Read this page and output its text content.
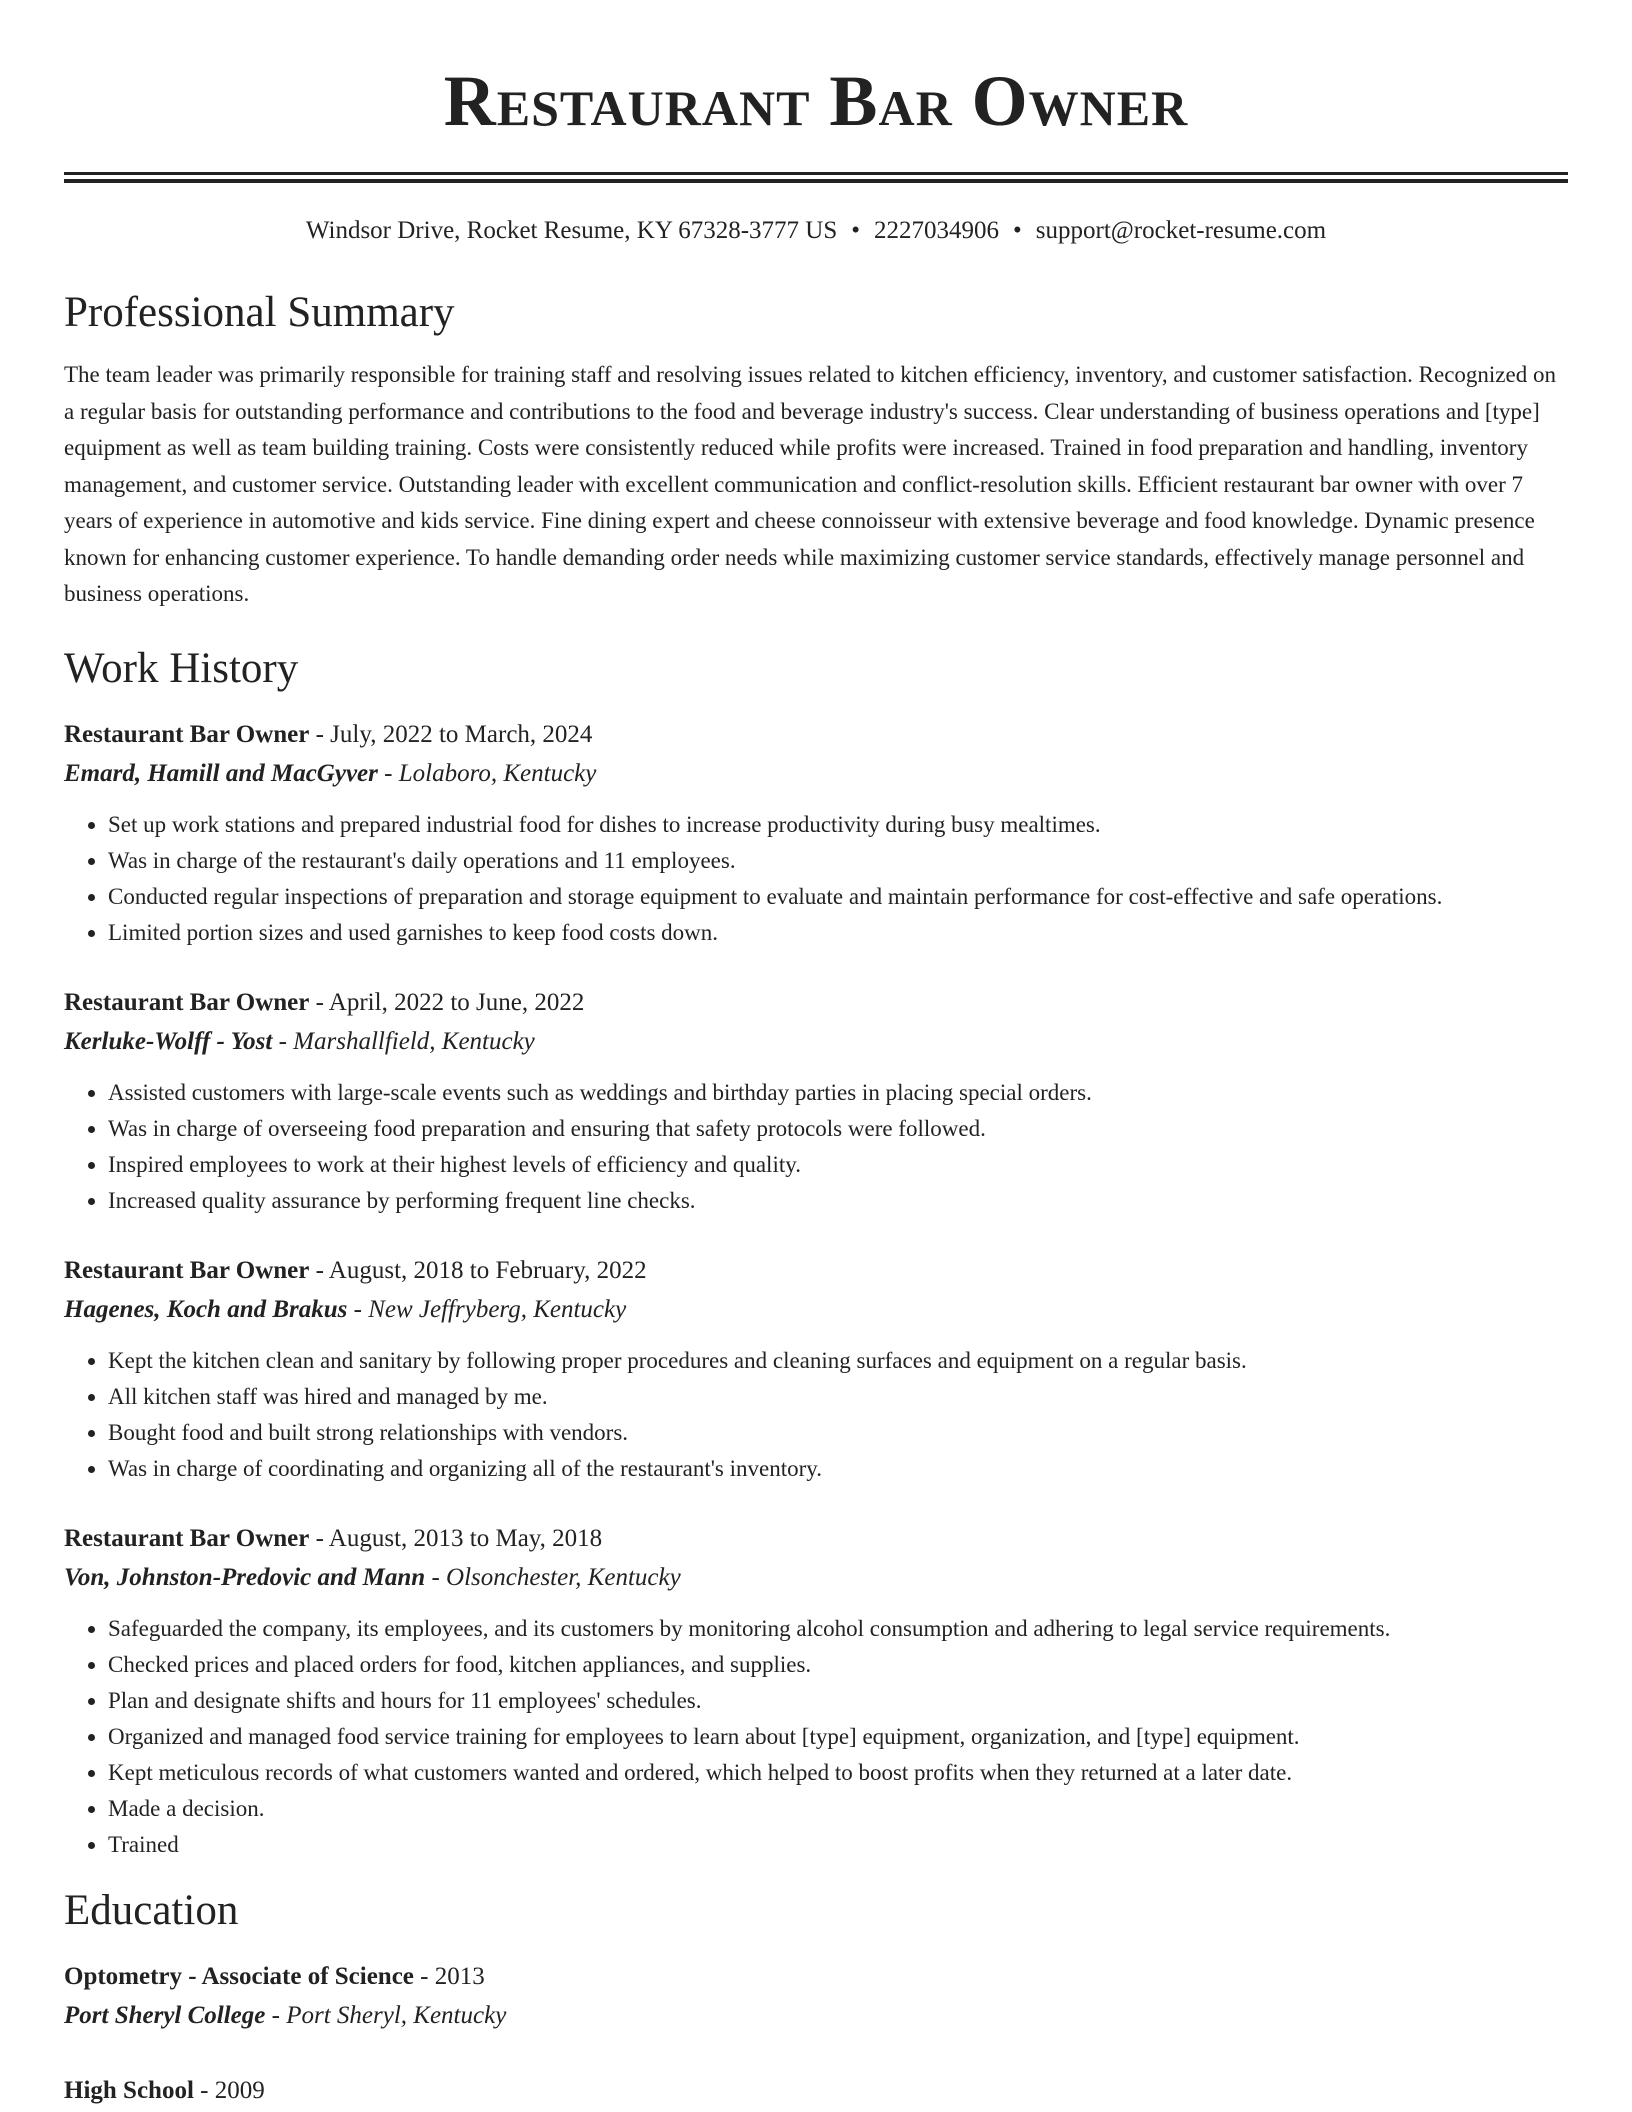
Restaurant Bar Owner
Windsor Drive, Rocket Resume, KY 67328-3777 US • 2227034906 • support@rocket-resume.com
Professional Summary
The team leader was primarily responsible for training staff and resolving issues related to kitchen efficiency, inventory, and customer satisfaction. Recognized on a regular basis for outstanding performance and contributions to the food and beverage industry's success. Clear understanding of business operations and [type] equipment as well as team building training. Costs were consistently reduced while profits were increased. Trained in food preparation and handling, inventory management, and customer service. Outstanding leader with excellent communication and conflict-resolution skills. Efficient restaurant bar owner with over 7 years of experience in automotive and kids service. Fine dining expert and cheese connoisseur with extensive beverage and food knowledge. Dynamic presence known for enhancing customer experience. To handle demanding order needs while maximizing customer service standards, effectively manage personnel and business operations.
Work History
Restaurant Bar Owner - July, 2022 to March, 2024
Emard, Hamill and MacGyver - Lolaboro, Kentucky
• Set up work stations and prepared industrial food for dishes to increase productivity during busy mealtimes.
• Was in charge of the restaurant's daily operations and 11 employees.
• Conducted regular inspections of preparation and storage equipment to evaluate and maintain performance for cost-effective and safe operations.
• Limited portion sizes and used garnishes to keep food costs down.
Restaurant Bar Owner - April, 2022 to June, 2022
Kerluke-Wolff - Yost - Marshallfield, Kentucky
• Assisted customers with large-scale events such as weddings and birthday parties in placing special orders.
• Was in charge of overseeing food preparation and ensuring that safety protocols were followed.
• Inspired employees to work at their highest levels of efficiency and quality.
• Increased quality assurance by performing frequent line checks.
Restaurant Bar Owner - August, 2018 to February, 2022
Hagenes, Koch and Brakus - New Jeffryberg, Kentucky
• Kept the kitchen clean and sanitary by following proper procedures and cleaning surfaces and equipment on a regular basis.
• All kitchen staff was hired and managed by me.
• Bought food and built strong relationships with vendors.
• Was in charge of coordinating and organizing all of the restaurant's inventory.
Restaurant Bar Owner - August, 2013 to May, 2018
Von, Johnston-Predovic and Mann - Olsonchester, Kentucky
• Safeguarded the company, its employees, and its customers by monitoring alcohol consumption and adhering to legal service requirements.
• Checked prices and placed orders for food, kitchen appliances, and supplies.
• Plan and designate shifts and hours for 11 employees' schedules.
• Organized and managed food service training for employees to learn about [type] equipment, organization, and [type] equipment.
• Kept meticulous records of what customers wanted and ordered, which helped to boost profits when they returned at a later date.
• Made a decision.
• Trained
Education
Optometry - Associate of Science - 2013
Port Sheryl College - Port Sheryl, Kentucky
High School - 2009
